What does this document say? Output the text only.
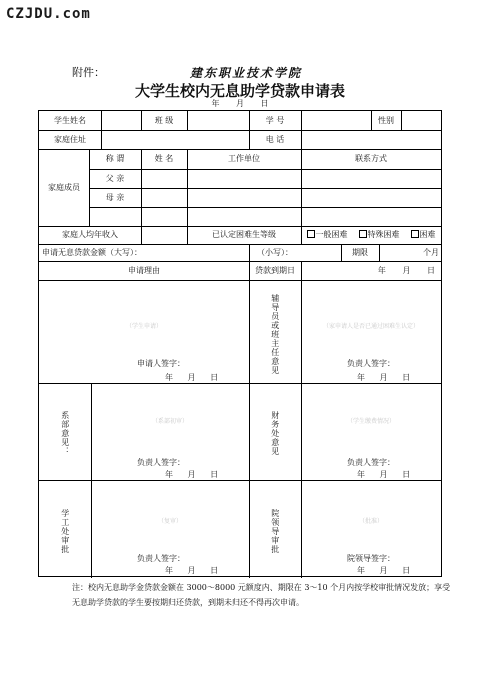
CZJDU.com
附件：	建东职业技术学院
大学生校内无息助学贷款申请表
年 月 日
学生姓名	班 级	学 号	性别
家庭住址	电 话
家庭成员
称 谓	姓 名	工作单位	联系方式
父 亲
母 亲
家庭人均年收入	已认定困难生等级	一般困难	特殊困难	困难
申请无息贷款金额（大写）：	（小写）：	期限	个月
申请理由	贷款到期日	年 月 日
（学生申请）
申请人签字：
年 月 日
辅导员或班主任意见	（家申请人是否已通过困难生认定）
负责人签字：
年 月 日
系部意见：	（系部初审）
负责人签字：
年 月 日
财务处意见	（学生缴费情况）
负责人签字：
年 月 日
学工处审批	（复审）
负责人签字：
年 月 日
院领导审批	（批准）
院领导签字：
年 月 日
注：校内无息助学金贷款金额在 3000～8000 元额度内、期限在 3～10 个月内按学校审批情况发放；享受无息助学贷款的学生要按期归还贷款，到期未归还不得再次申请。
